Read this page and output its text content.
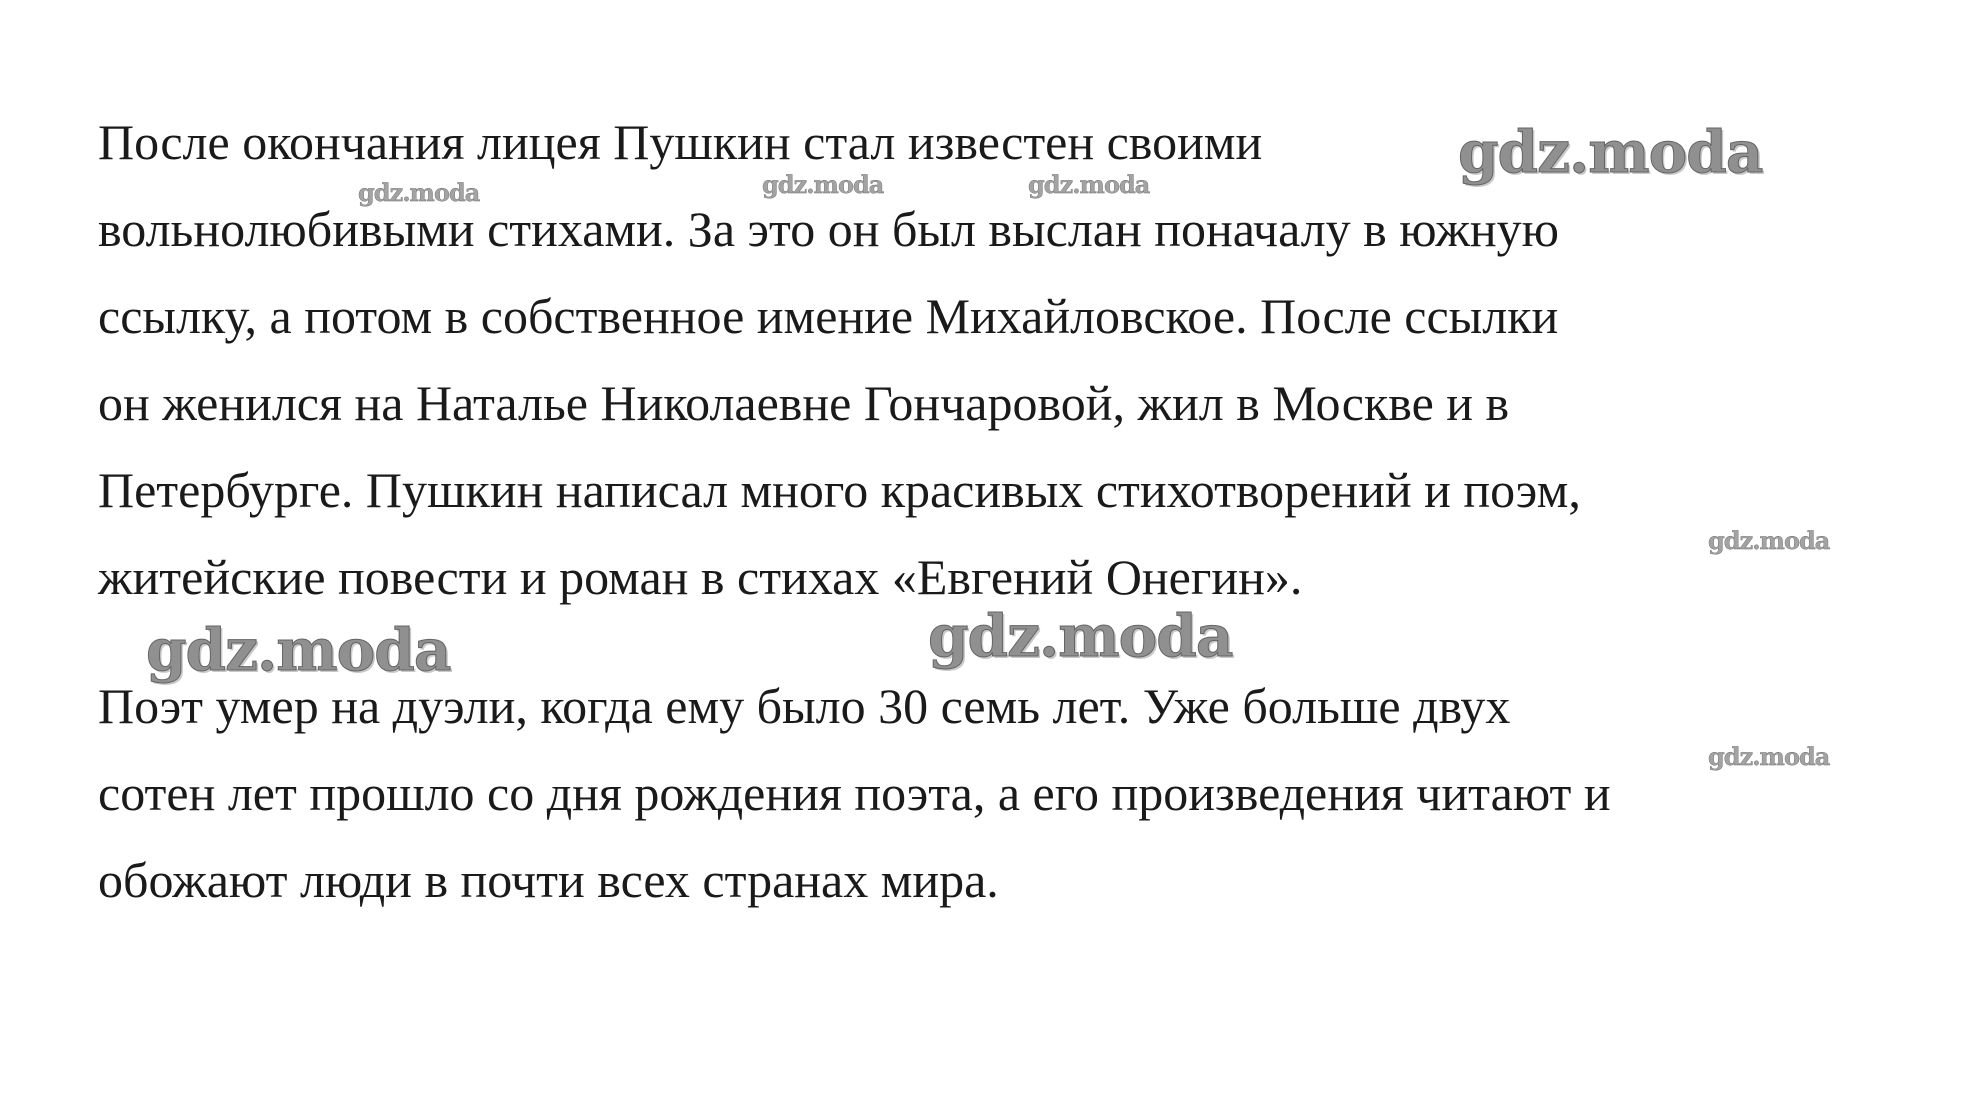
После окончания лицея Пушкин стал известен своими
вольнолюбивыми стихами. За это он был выслан поначалу в южную
ссылку, а потом в собственное имение Михайловское. После ссылки
он женился на Наталье Николаевне Гончаровой, жил в Москве и в
Петербурге. Пушкин написал много красивых стихотворений и поэм,
житейские повести и роман в стихах «Евгений Онегин».
Поэт умер на дуэли, когда ему было 30 семь лет. Уже больше двух
сотен лет прошло со дня рождения поэта, а его произведения читают и
обожают люди в почти всех странах мира.
gdz.moda
gdz.moda	gdz.moda	gdz.moda
gdz.moda
gdz.moda	gdz.moda
gdz.moda
